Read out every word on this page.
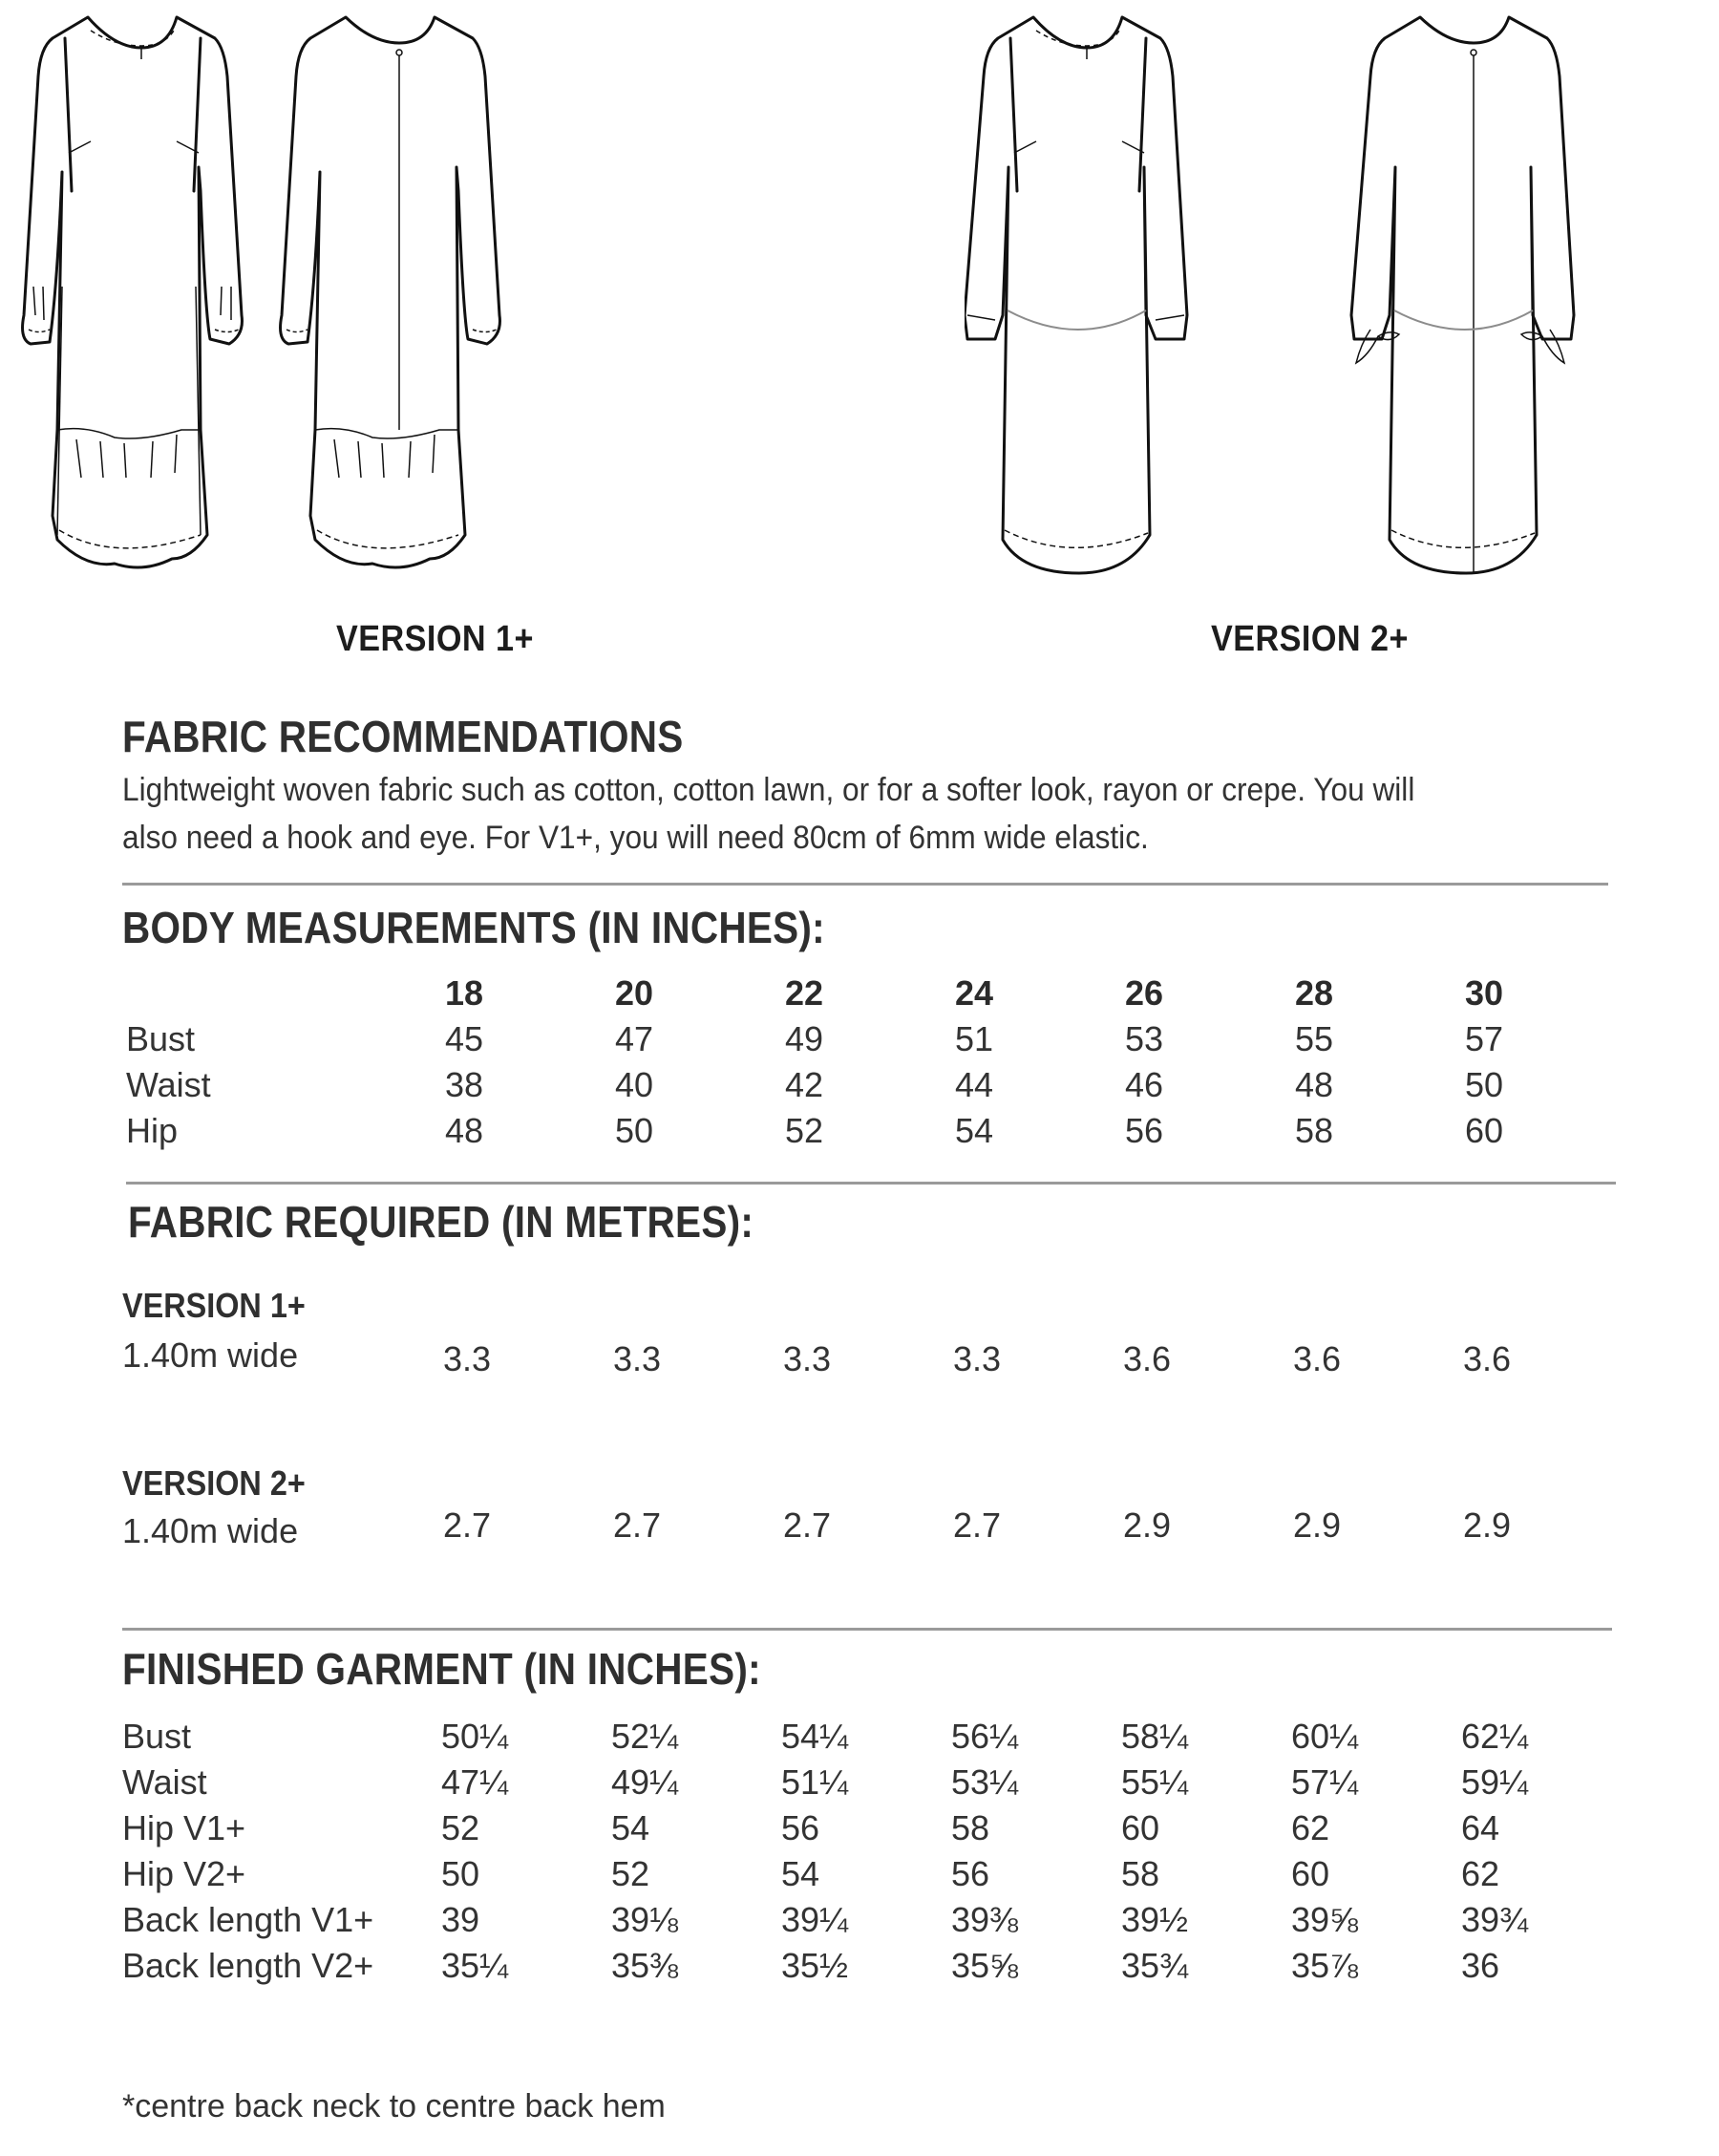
VERSION 1+	VERSION 2+
FABRIC RECOMMENDATIONS

Lightweight woven fabric such as cotton, cotton lawn, or for a softer look, rayon or crepe. You will

also need a hook and eye. For V1+, you will need 80cm of 6mm wide elastic.

BODY MEASUREMENTS (IN INCHES):
	18	20	22	24	26	28	30
Bust	45	47	49	51	53	55	57
Waist	38	40	42	44	46	48	50
Hip	48	50	52	54	56	58	60
FABRIC REQUIRED (IN METRES):
VERSION 1+
1.40m wide	3.3	3.3	3.3	3.3	3.6	3.6	3.6
VERSION 2+
1.40m wide	2.7	2.7	2.7	2.7	2.9	2.9	2.9
FINISHED GARMENT (IN INCHES):
Bust	50¼	52¼	54¼	56¼	58¼	60¼	62¼
Waist	47¼	49¼	51¼	53¼	55¼	57¼	59¼
Hip V1+	52	54	56	58	60	62	64
Hip V2+	50	52	54	56	58	60	62
Back length V1+	39	39⅛	39¼	39⅜	39½	39⅝	39¾
Back length V2+	35¼	35⅜	35½	35⅝	35¾	35⅞	36
*centre back neck to centre back hem
